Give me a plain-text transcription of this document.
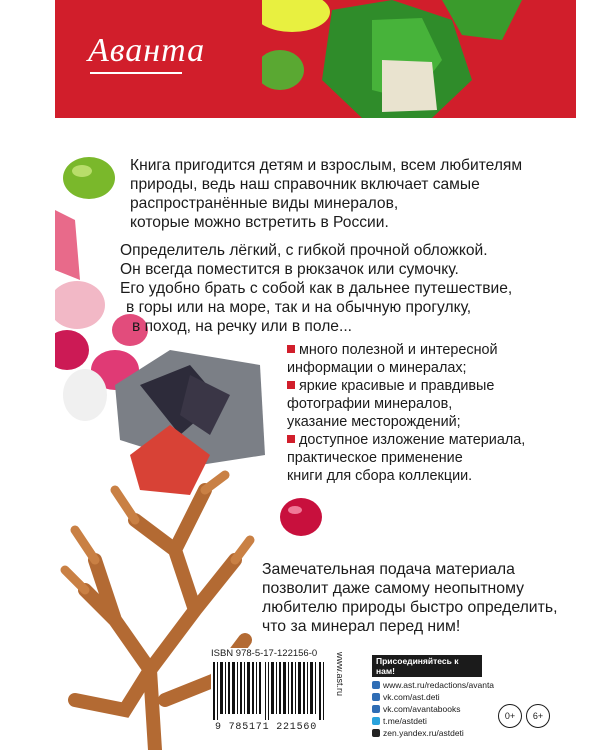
Аванта

Книга пригодится детям и взрослым, всем любителям

природы, ведь наш справочник включает самые

распространённые виды минералов,

которые можно встретить в России.

Определитель лёгкий, с гибкой прочной обложкой.

Он всегда поместится в рюкзачок или сумочку.

Его удобно брать с собой как в дальнее путешествие,

в горы или на море, так и на обычную прогулку,

в поход, на речку или в поле...

много полезной и интересной

информации о минералах;

яркие красивые и правдивые

фотографии минералов,

указание месторождений;

доступное изложение материала,

практическое применение

книги для сбора коллекции.

Замечательная подача материала

позволит даже самому неопытному

любителю природы быстро определить,

что за минерал перед ним!

ISBN 978-5-17-122156-0
9 785171 221560
www.ast.ru	Присоединяйтесь к нам!
www.ast.ru/redactions/avanta
vk.com/ast.deti
vk.com/avantabooks
t.me/astdeti
zen.yandex.ru/astdeti
0+	6+
